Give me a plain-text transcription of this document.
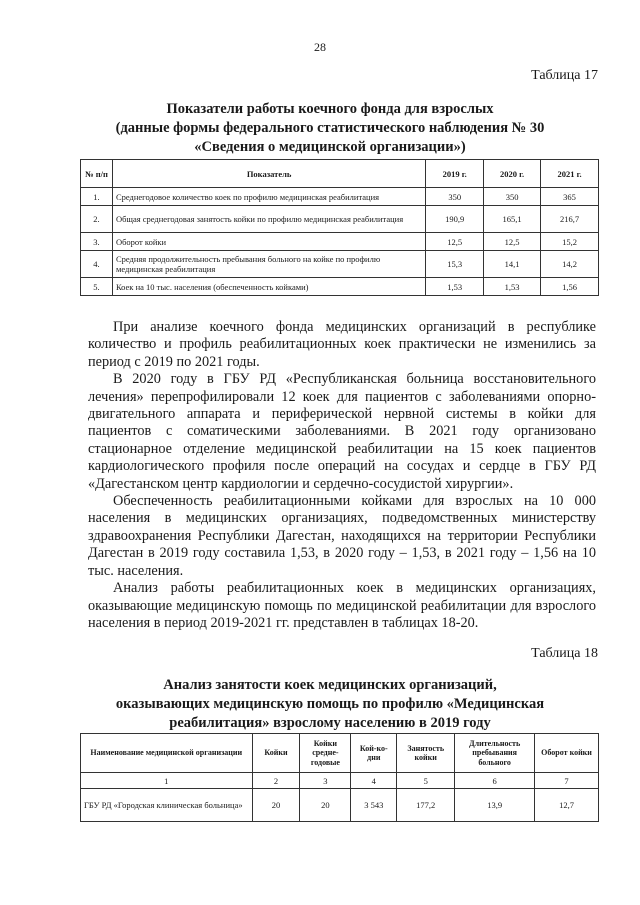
28
Таблица 17
Показатели работы коечного фонда для взрослых
(данные формы федерального статистического наблюдения № 30
«Сведения о медицинской организации»)
№ п/п	Показатель	2019 г.	2020 г.	2021 г.
1.	Среднегодовое количество коек по профилю медицинская реабилитация	350	350	365
2.	Общая среднегодовая занятость койки по профилю медицинская реабилитация	190,9	165,1	216,7
3.	Оборот койки	12,5	12,5	15,2
4.	Средняя продолжительность пребывания больного на койке по профилю медицинская реабилитация	15,3	14,1	14,2
5.	Коек на 10 тыс. населения (обеспеченность койками)	1,53	1,53	1,56

При анализе коечного фонда медицинских организаций в республике количество и профиль реабилитационных коек практически не изменились за период с 2019 по 2021 годы.

В 2020 году в ГБУ РД «Республиканская больница восстановительного лечения» перепрофилировали 12 коек для пациентов с заболеваниями опорно-двигательного аппарата и периферической нервной системы в койки для пациентов с соматическими заболеваниями. В 2021 году организовано стационарное отделение медицинской реабилитации на 15 коек пациентов кардиологического профиля после операций на сосудах и сердце в ГБУ РД «Дагестанском центр кардиологии и сердечно-сосудистой хирургии».

Обеспеченность реабилитационными койками для взрослых на 10 000 населения в медицинских организациях, подведомственных министерству здравоохранения Республики Дагестан, находящихся на территории Республики Дагестан в 2019 году составила 1,53, в 2020 году – 1,53, в 2021 году – 1,56 на 10 тыс. населения.

Анализ работы реабилитационных коек в медицинских организациях, оказывающие медицинскую помощь по медицинской реабилитации для взрослого населения в период 2019-2021 гг. представлен в таблицах 18-20.

Таблица 18
Анализ занятости коек медицинских организаций,
оказывающих медицинскую помощь по профилю «Медицинская
реабилитация» взрослому населению в 2019 году
Наименование медицинской организации	Койки	Койки средне-годовые	Кой-ко-дни	Занятость койки	Длительность пребывания больного	Оборот койки
1	2	3	4	5	6	7
ГБУ РД «Городская клиническая больница»	20	20	3 543	177,2	13,9	12,7
